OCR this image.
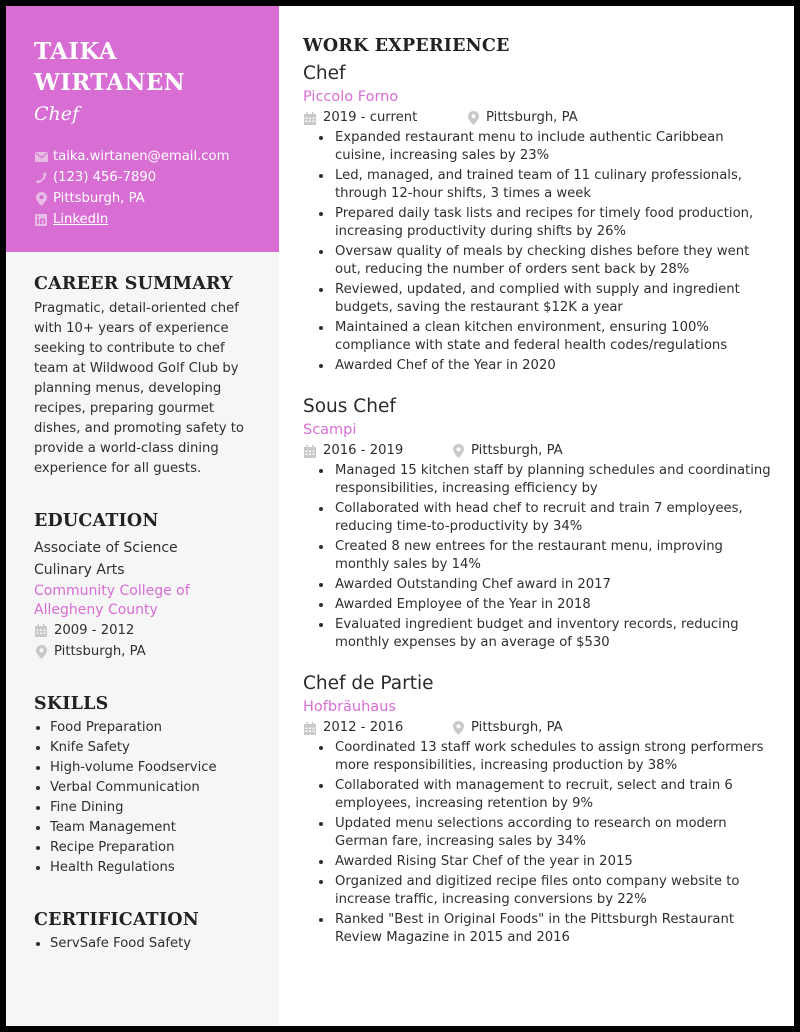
TAIKA
WIRTANEN
Chef
taika.wirtanen@email.com
(123) 456-7890
Pittsburgh, PA
LinkedIn
CAREER SUMMARY

Pragmatic, detail-oriented chef with 10+ years of experience seeking to contribute to chef team at Wildwood Golf Club by planning menus, developing recipes, preparing gourmet dishes, and promoting safety to provide a world-class dining experience for all guests.

EDUCATION
Associate of Science
Culinary Arts
Community College of Allegheny County
2009 - 2012
Pittsburgh, PA
SKILLS
Food Preparation
Knife Safety
High-volume Foodservice
Verbal Communication
Fine Dining
Team Management
Recipe Preparation
Health Regulations
CERTIFICATION
ServSafe Food Safety
WORK EXPERIENCE
Chef
Piccolo Forno
2019 - current	Pittsburgh, PA
Expanded restaurant menu to include authentic Caribbean cuisine, increasing sales by 23%
Led, managed, and trained team of 11 culinary professionals, through 12-hour shifts, 3 times a week
Prepared daily task lists and recipes for timely food production, increasing productivity during shifts by 26%
Oversaw quality of meals by checking dishes before they went out, reducing the number of orders sent back by 28%
Reviewed, updated, and complied with supply and ingredient budgets, saving the restaurant $12K a year
Maintained a clean kitchen environment, ensuring 100% compliance with state and federal health codes/regulations
Awarded Chef of the Year in 2020
Sous Chef
Scampi
2016 - 2019	Pittsburgh, PA
Managed 15 kitchen staff by planning schedules and coordinating responsibilities, increasing efficiency by
Collaborated with head chef to recruit and train 7 employees, reducing time-to-productivity by 34%
Created 8 new entrees for the restaurant menu, improving monthly sales by 14%
Awarded Outstanding Chef award in 2017
Awarded Employee of the Year in 2018
Evaluated ingredient budget and inventory records, reducing monthly expenses by an average of $530
Chef de Partie
Hofbräuhaus
2012 - 2016	Pittsburgh, PA
Coordinated 13 staff work schedules to assign strong performers more responsibilities, increasing production by 38%
Collaborated with management to recruit, select and train 6 employees, increasing retention by 9%
Updated menu selections according to research on modern German fare, increasing sales by 34%
Awarded Rising Star Chef of the year in 2015
Organized and digitized recipe files onto company website to increase traffic, increasing conversions by 22%
Ranked "Best in Original Foods" in the Pittsburgh Restaurant Review Magazine in 2015 and 2016
